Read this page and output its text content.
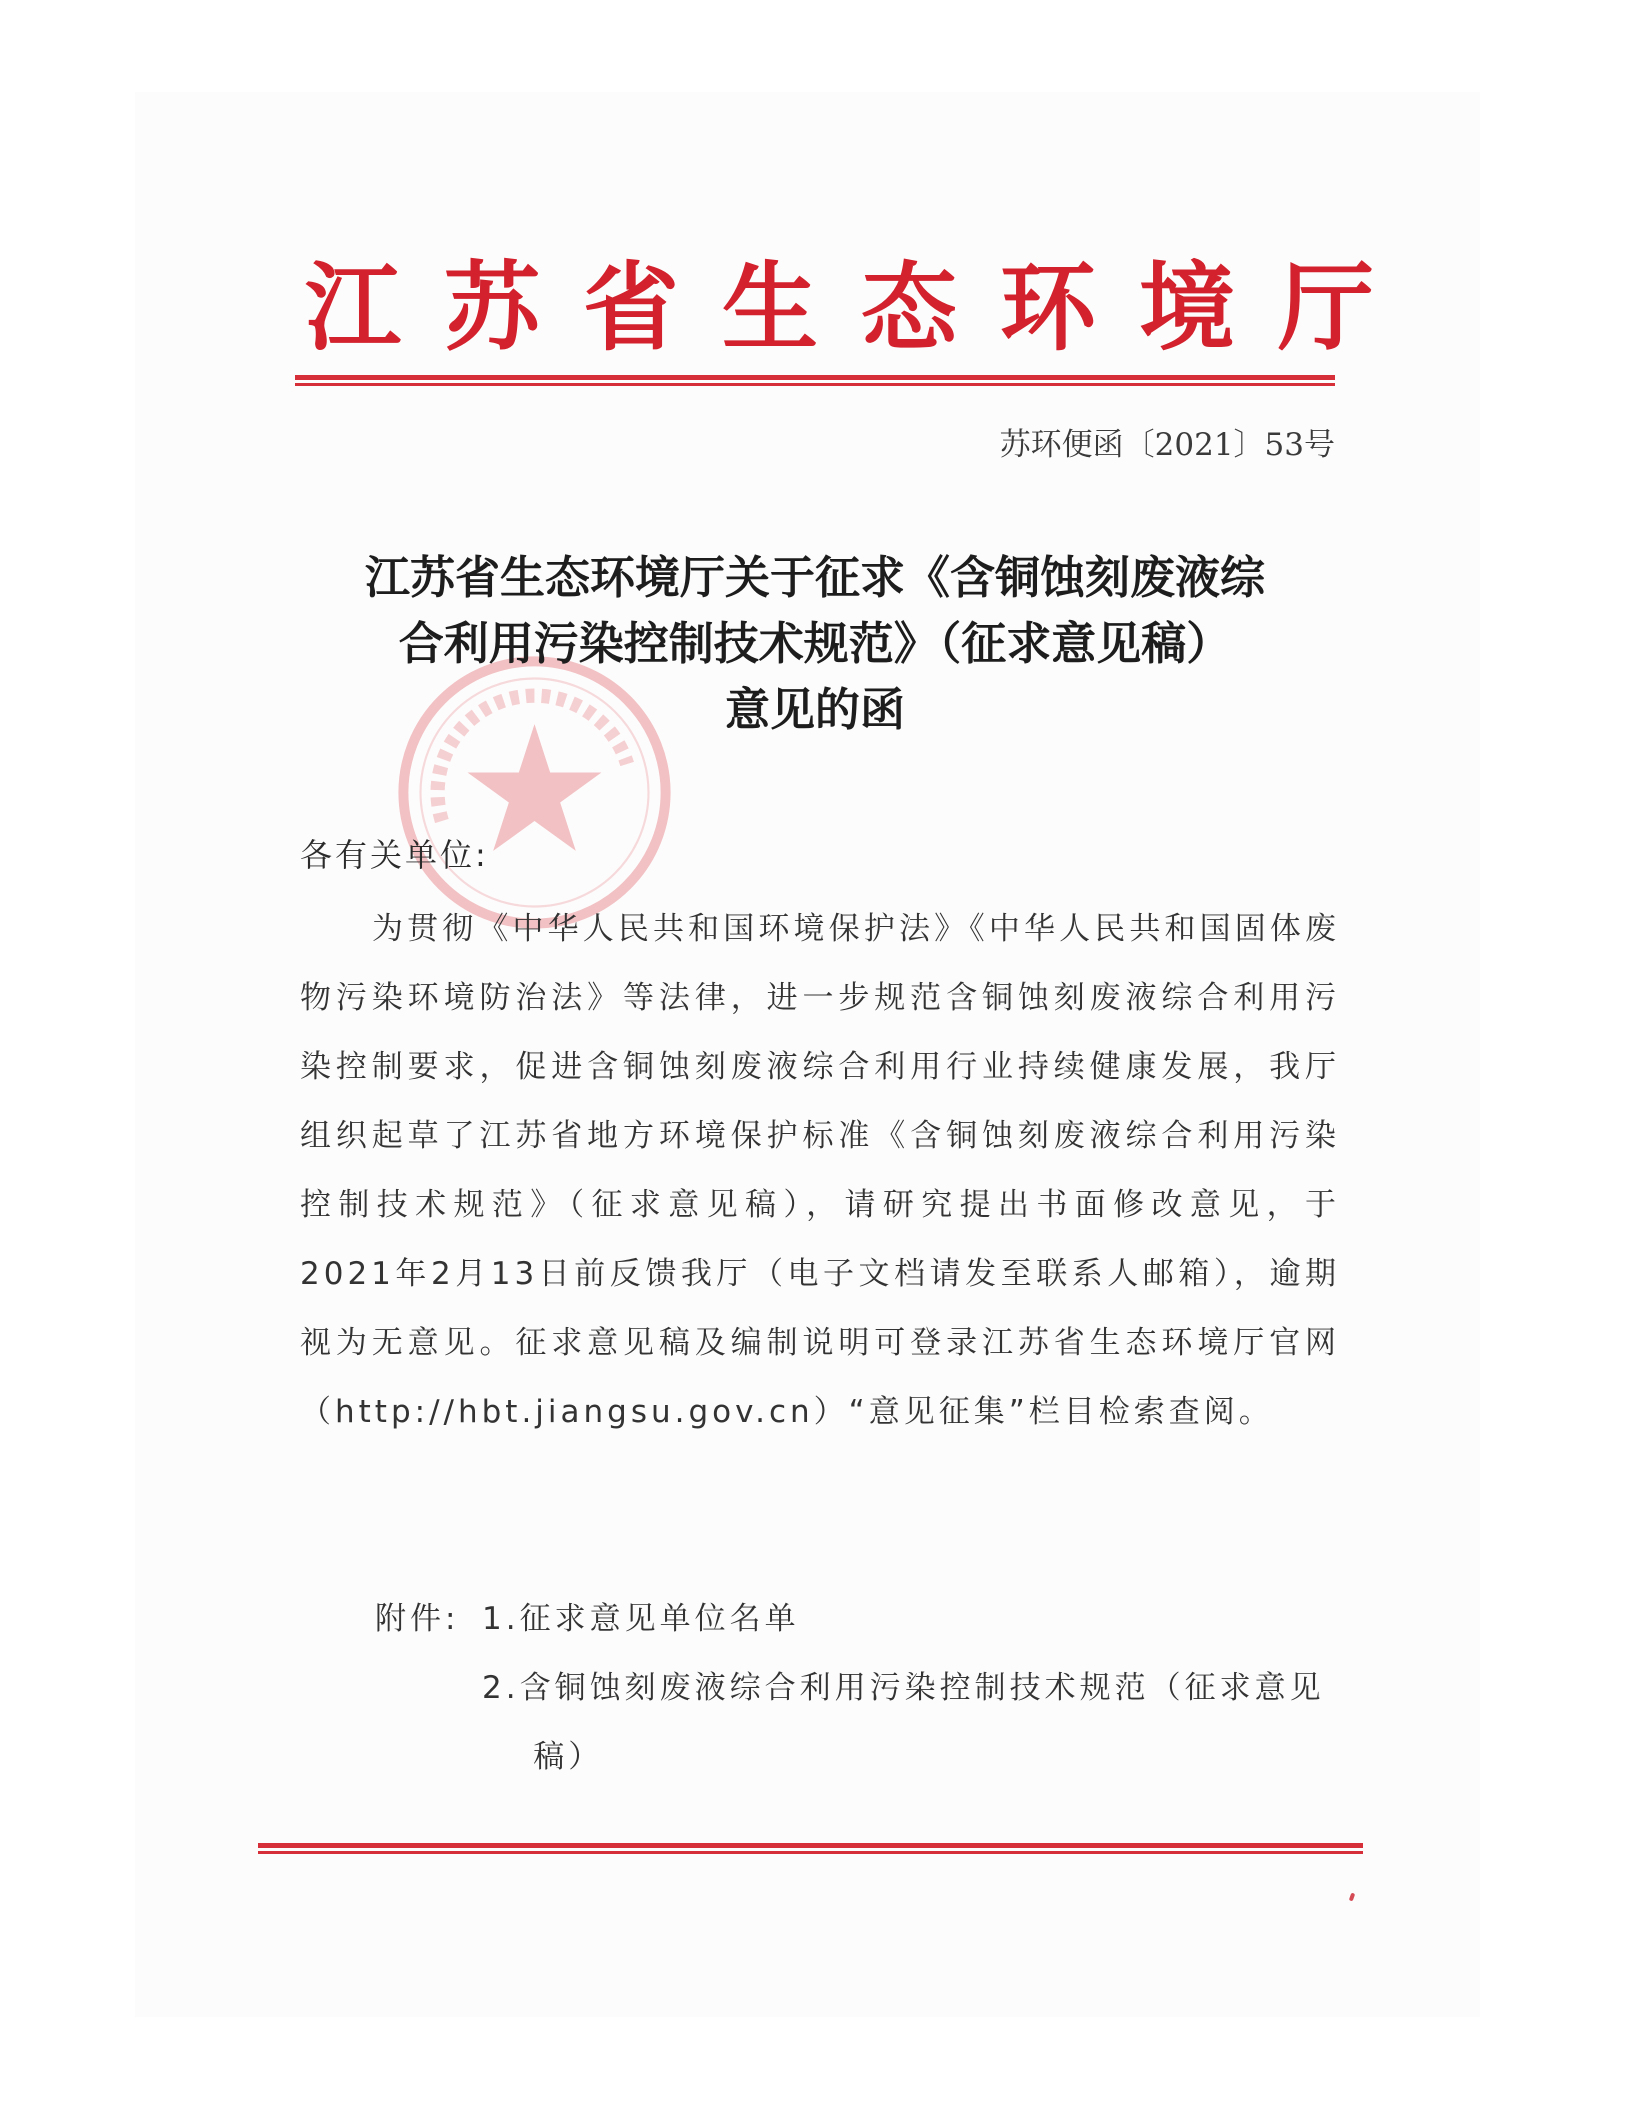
江苏省生态环境厅
苏环便函〔2021〕53号
江苏省生态环境厅关于征求《含铜蚀刻废液综
合利用污染控制技术规范》（征求意见稿）
意见的函
各有关单位:

为贯彻《中华人民共和国环境保护法》《中华人民共和国固体废物污染环境防治法》等法律，进一步规范含铜蚀刻废液综合利用污染控制要求，促进含铜蚀刻废液综合利用行业持续健康发展，我厅组织起草了江苏省地方环境保护标准《含铜蚀刻废液综合利用污染控制技术规范》（征求意见稿），请研究提出书面修改意见，于2021年2月13日前反馈我厅（电子文档请发至联系人邮箱），逾期视为无意见。征求意见稿及编制说明可登录江苏省生态环境厅官网（http://hbt.jiangsu.gov.cn）“意见征集”栏目检索查阅。

附件: 1.征求意见单位名单
2.含铜蚀刻废液综合利用污染控制技术规范（征求意见稿）
